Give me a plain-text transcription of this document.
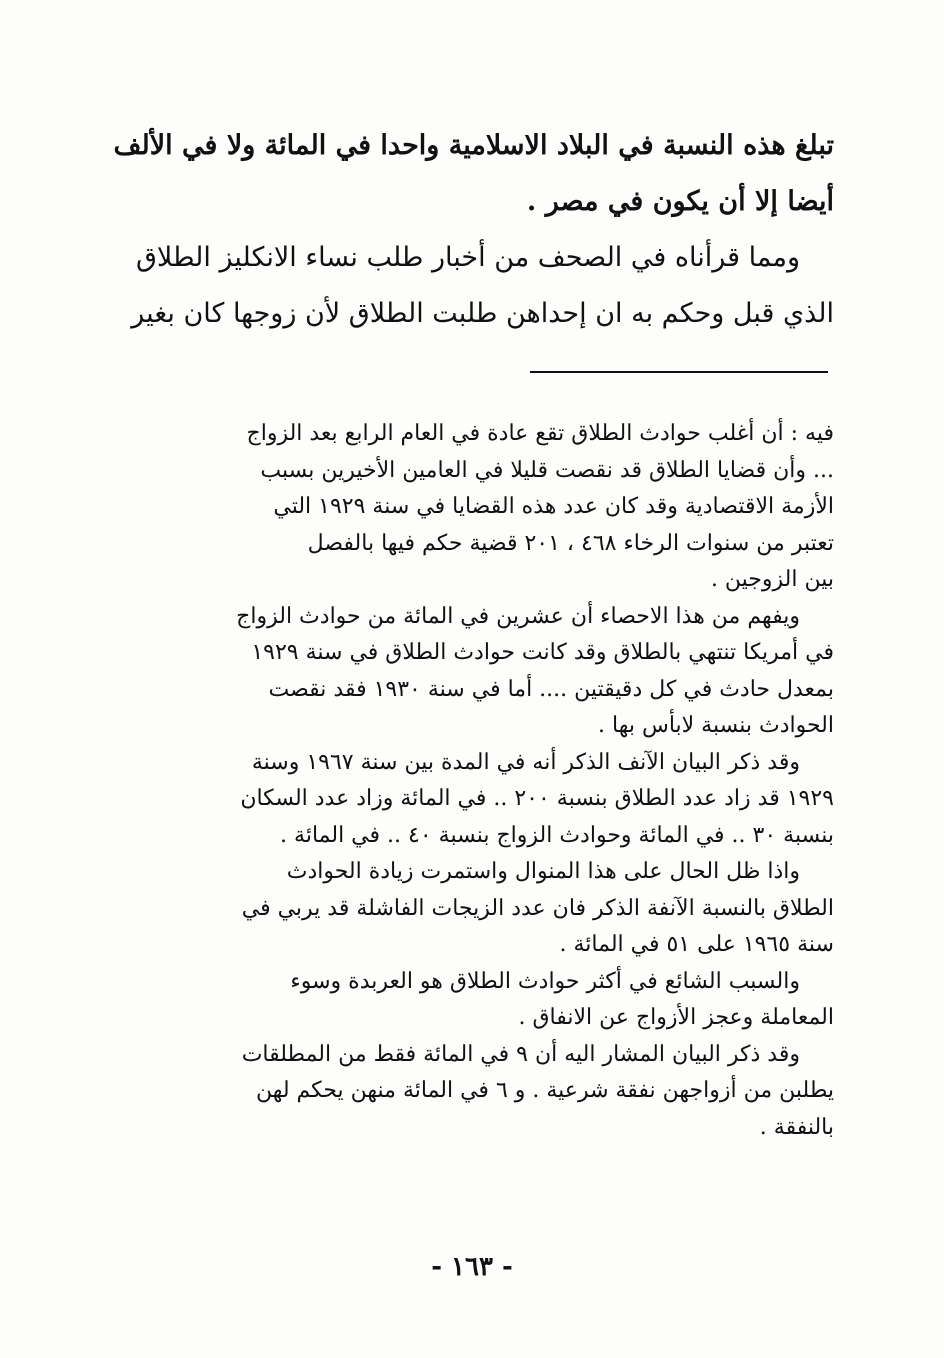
تبلغ هذه النسبة في البلاد الاسلامية واحدا في المائة ولا في الألف
أيضا إلا أن يكون في مصر .
ومما قرأناه في الصحف من أخبار طلب نساء الانكليز الطلاق
الذي قبل وحكم به ان إحداهن طلبت الطلاق لأن زوجها كان بغير
فيه : أن أغلب حوادث الطلاق تقع عادة في العام الرابع بعد الزواج
... وأن قضايا الطلاق قد نقصت قليلا في العامين الأخيرين بسبب
الأزمة الاقتصادية وقد كان عدد هذه القضايا في سنة ١٩٢٩ التي
تعتبر من سنوات الرخاء ٤٦٨ ، ٢٠١ قضية حكم فيها بالفصل
بين الزوجين .
ويفهم من هذا الاحصاء أن عشرين في المائة من حوادث الزواج
في أمريكا تنتهي بالطلاق وقد كانت حوادث الطلاق في سنة ١٩٢٩
بمعدل حادث في كل دقيقتين .... أما في سنة ١٩٣٠ فقد نقصت
الحوادث بنسبة لابأس بها .
وقد ذكر البيان الآنف الذكر أنه في المدة بين سنة ١٩٦٧ وسنة
١٩٢٩ قد زاد عدد الطلاق بنسبة ٢٠٠ .. في المائة وزاد عدد السكان
بنسبة ٣٠ .. في المائة وحوادث الزواج بنسبة ٤٠ .. في المائة .
واذا ظل الحال على هذا المنوال واستمرت زيادة الحوادث
الطلاق بالنسبة الآنفة الذكر فان عدد الزيجات الفاشلة قد يربي في
سنة ١٩٦٥ على ٥١ في المائة .
والسبب الشائع في أكثر حوادث الطلاق هو العربدة وسوء
المعاملة وعجز الأزواج عن الانفاق .
وقد ذكر البيان المشار اليه أن ٩ في المائة فقط من المطلقات
يطلبن من أزواجهن نفقة شرعية . و ٦ في المائة منهن يحكم لهن
بالنفقة .
- ١٦٣ -
